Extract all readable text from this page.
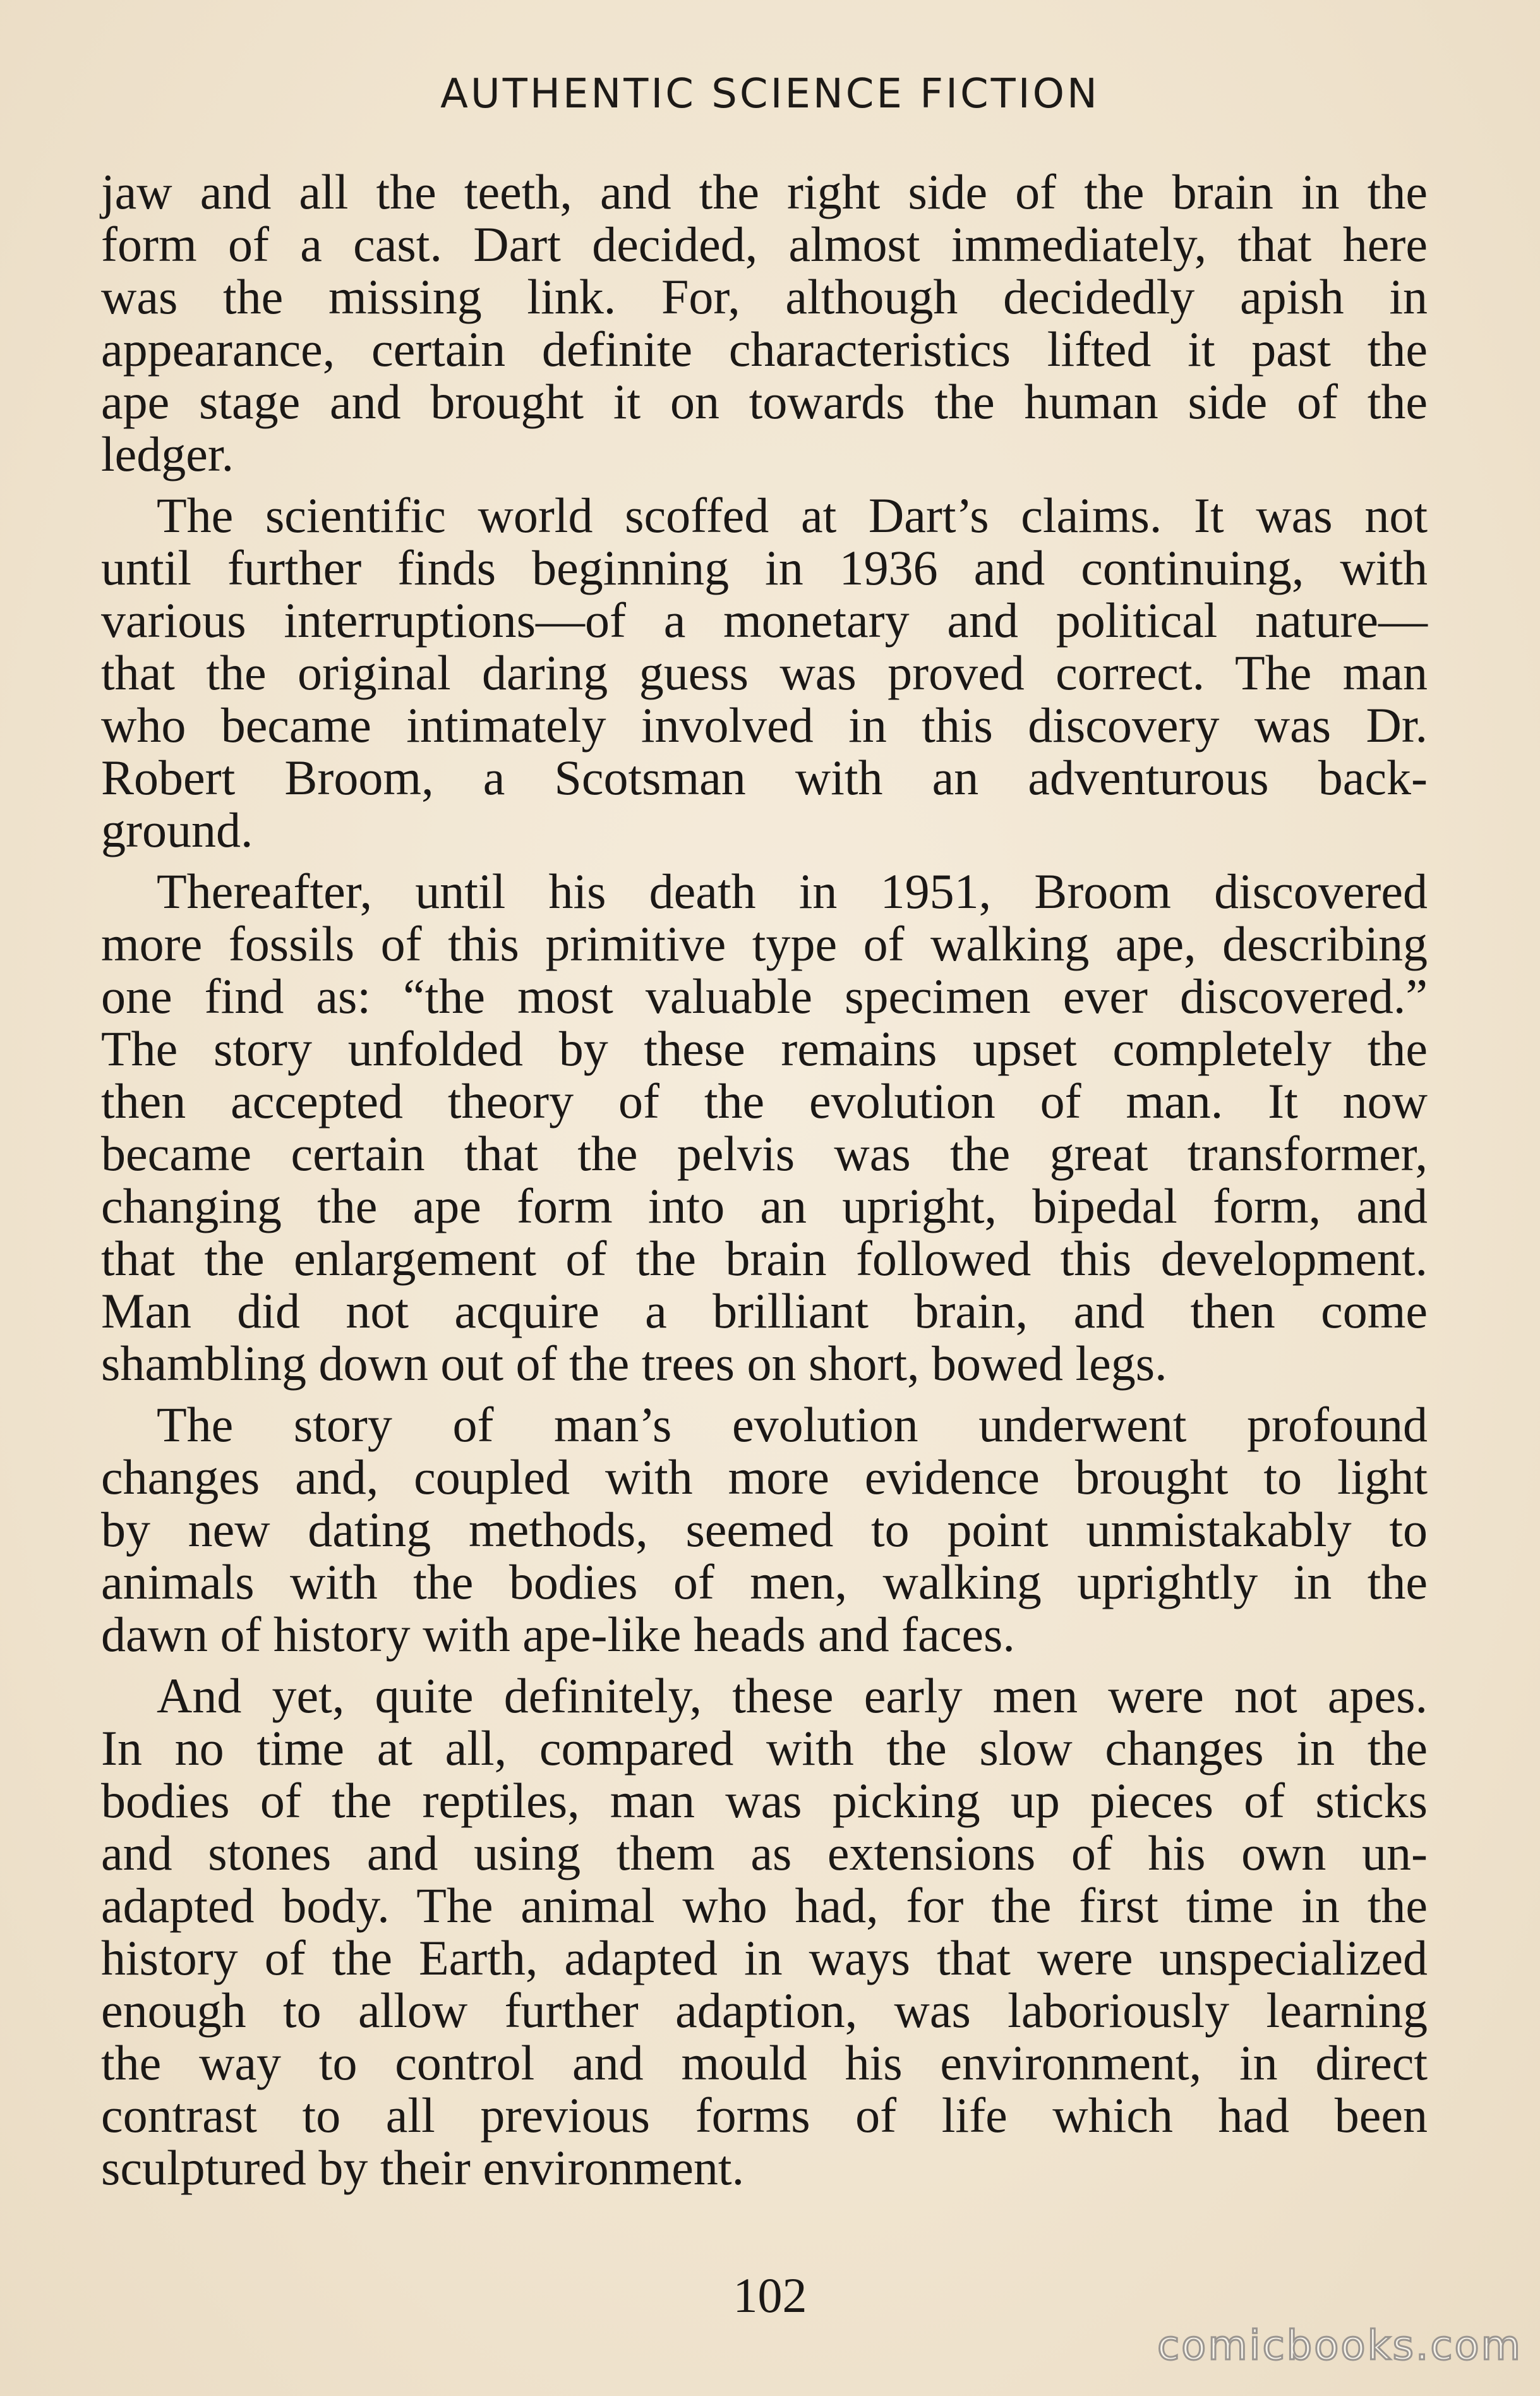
AUTHENTIC SCIENCE FICTION
jaw and all the teeth, and the right side of the brain in the
form of a cast. Dart decided, almost immediately, that here
was the missing link. For, although decidedly apish in
appearance, certain definite characteristics lifted it past the
ape stage and brought it on towards the human side of the
ledger.
The scientific world scoffed at Dart’s claims. It was not
until further finds beginning in 1936 and continuing, with
various interruptions—of a monetary and political nature—
that the original daring guess was proved correct. The man
who became intimately involved in this discovery was Dr.
Robert Broom, a Scotsman with an adventurous back-
ground.
Thereafter, until his death in 1951, Broom discovered
more fossils of this primitive type of walking ape, describing
one find as: “the most valuable specimen ever discovered.”
The story unfolded by these remains upset completely the
then accepted theory of the evolution of man. It now
became certain that the pelvis was the great transformer,
changing the ape form into an upright, bipedal form, and
that the enlargement of the brain followed this development.
Man did not acquire a brilliant brain, and then come
shambling down out of the trees on short, bowed legs.
The story of man’s evolution underwent profound
changes and, coupled with more evidence brought to light
by new dating methods, seemed to point unmistakably to
animals with the bodies of men, walking uprightly in the
dawn of history with ape-like heads and faces.
And yet, quite definitely, these early men were not apes.
In no time at all, compared with the slow changes in the
bodies of the reptiles, man was picking up pieces of sticks
and stones and using them as extensions of his own un-
adapted body. The animal who had, for the first time in the
history of the Earth, adapted in ways that were unspecialized
enough to allow further adaption, was laboriously learning
the way to control and mould his environment, in direct
contrast to all previous forms of life which had been
sculptured by their environment.
102
comicbooks.com
